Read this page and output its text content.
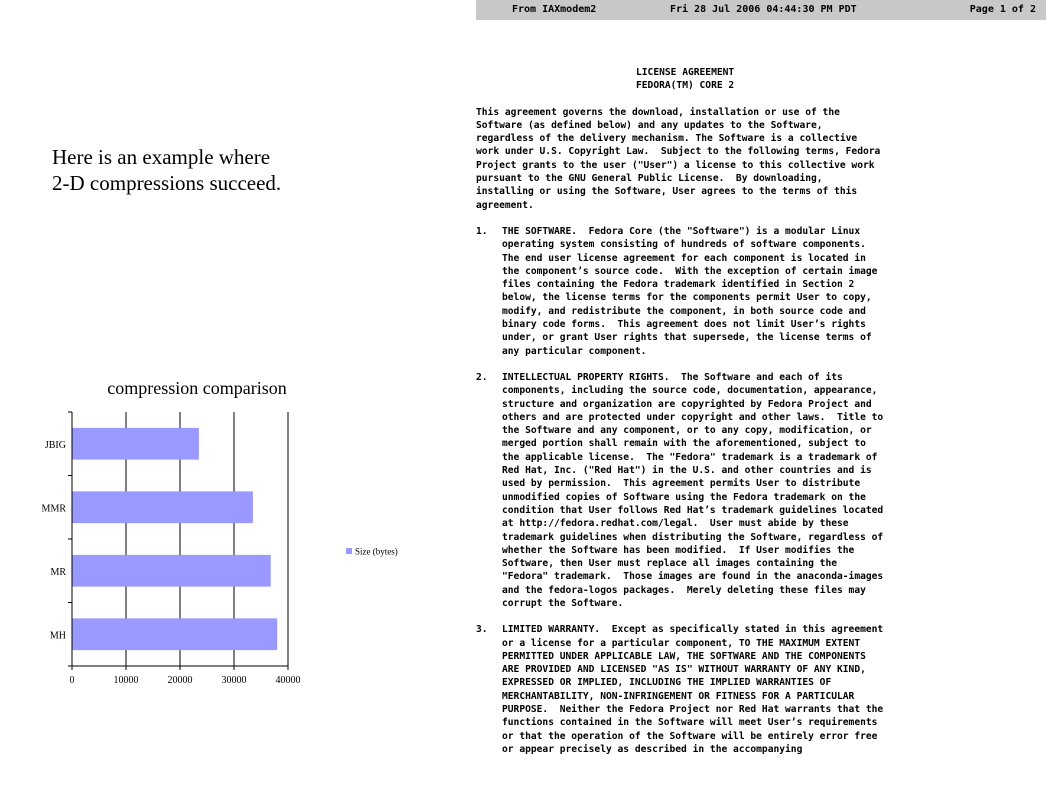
Here is an example where
2-D compressions succeed.
compression comparison
JBIG
MMR
MR
MH
0	10000	20000	30000	40000
Size (bytes)
From IAXmodem2	Fri 28 Jul 2006 04:44:30 PM PDT	Page 1 of 2
LICENSE AGREEMENT
FEDORA(TM) CORE 2
This agreement governs the download, installation or use of the
Software (as defined below) and any updates to the Software,
regardless of the delivery mechanism. The Software is a collective
work under U.S. Copyright Law.  Subject to the following terms, Fedora
Project grants to the user ("User") a license to this collective work
pursuant to the GNU General Public License.  By downloading,
installing or using the Software, User agrees to the terms of this
agreement.
1.	THE SOFTWARE.  Fedora Core (the "Software") is a modular Linux
operating system consisting of hundreds of software components.
The end user license agreement for each component is located in
the component’s source code.  With the exception of certain image
files containing the Fedora trademark identified in Section 2
below, the license terms for the components permit User to copy,
modify, and redistribute the component, in both source code and
binary code forms.  This agreement does not limit User’s rights
under, or grant User rights that supersede, the license terms of
any particular component.
2.	INTELLECTUAL PROPERTY RIGHTS.  The Software and each of its
components, including the source code, documentation, appearance,
structure and organization are copyrighted by Fedora Project and
others and are protected under copyright and other laws.  Title to
the Software and any component, or to any copy, modification, or
merged portion shall remain with the aforementioned, subject to
the applicable license.  The "Fedora" trademark is a trademark of
Red Hat, Inc. ("Red Hat") in the U.S. and other countries and is
used by permission.  This agreement permits User to distribute
unmodified copies of Software using the Fedora trademark on the
condition that User follows Red Hat’s trademark guidelines located
at http://fedora.redhat.com/legal.  User must abide by these
trademark guidelines when distributing the Software, regardless of
whether the Software has been modified.  If User modifies the
Software, then User must replace all images containing the
"Fedora" trademark.  Those images are found in the anaconda-images
and the fedora-logos packages.  Merely deleting these files may
corrupt the Software.
3.	LIMITED WARRANTY.  Except as specifically stated in this agreement
or a license for a particular component, TO THE MAXIMUM EXTENT
PERMITTED UNDER APPLICABLE LAW, THE SOFTWARE AND THE COMPONENTS
ARE PROVIDED AND LICENSED "AS IS" WITHOUT WARRANTY OF ANY KIND,
EXPRESSED OR IMPLIED, INCLUDING THE IMPLIED WARRANTIES OF
MERCHANTABILITY, NON-INFRINGEMENT OR FITNESS FOR A PARTICULAR
PURPOSE.  Neither the Fedora Project nor Red Hat warrants that the
functions contained in the Software will meet User’s requirements
or that the operation of the Software will be entirely error free
or appear precisely as described in the accompanying
